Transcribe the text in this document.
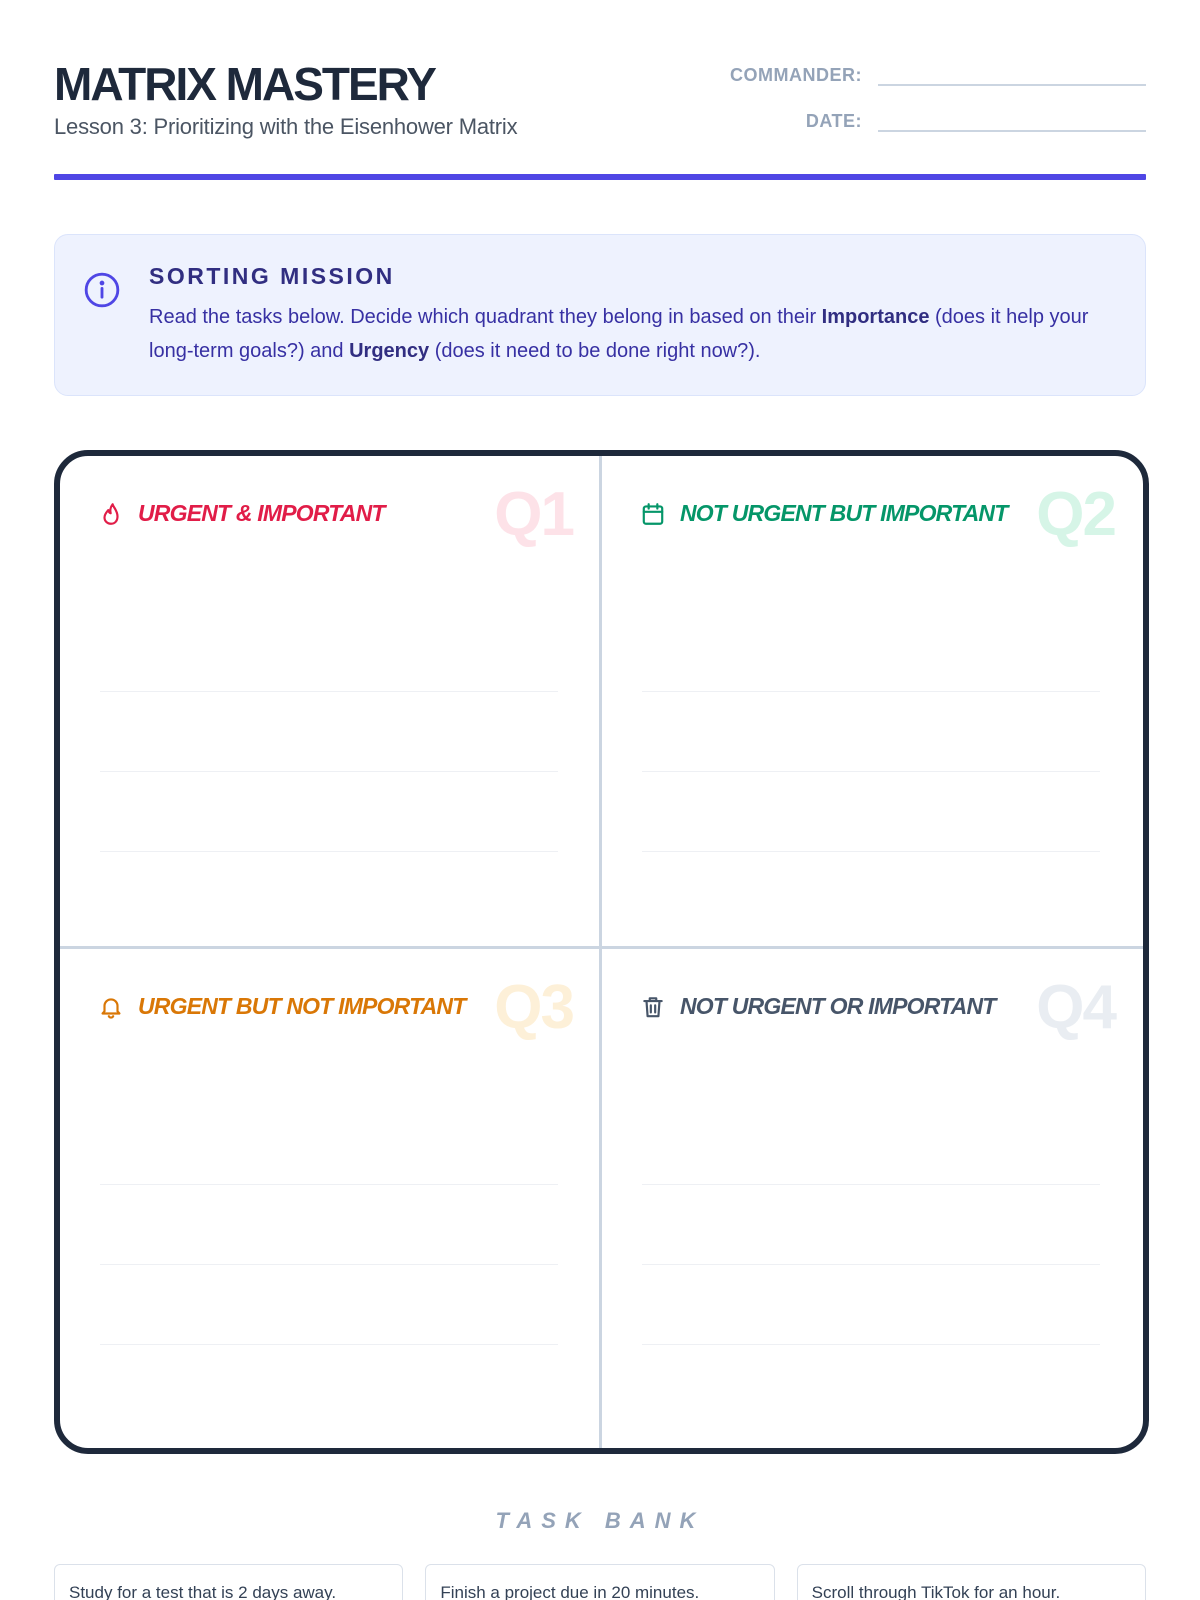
MATRIX MASTERY
Lesson 3: Prioritizing with the Eisenhower Matrix
COMMANDER:
DATE:
SORTING MISSION
Read the tasks below. Decide which quadrant they belong in based on their Importance (does it help your long-term goals?) and Urgency (does it need to be done right now?).
Q1
URGENT & IMPORTANT	Q2
NOT URGENT BUT IMPORTANT
Q3
URGENT BUT NOT IMPORTANT	Q4
NOT URGENT OR IMPORTANT
TASK BANK
Study for a test that is 2 days away.	Finish a project due in 20 minutes.	Scroll through TikTok for an hour.
